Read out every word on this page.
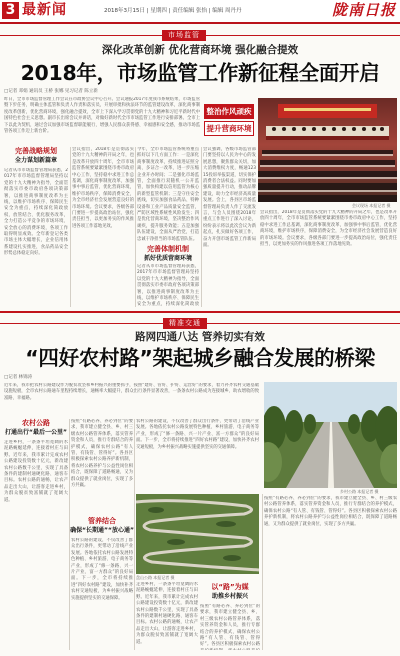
3 最新闻	2018年3月15日 | 星期四 | 责任编辑 张怡 | 编辑 周丹丹	陇南日报
市场监管
深化改革创新 优化营商环境 强化融合提效
2018年，市场监管工作新征程全面开启
□记者 邓娟 通讯员 王桥 张娜 见习记者 陈立新
昨日，全市市场监督管理工作会议在市政协会议中心召开。会议通报2017年度我市系统结果，市场监管暨下步任务，明确主体监管和负责人作责和落实员，开展审批和执法环节的监管建设改革，深化商事制度改革创新，优化营商环境，强化融合提效，全市上下深入学习贯彻党的十九大精神和习近平新时代中国特色社会主义思想。副市长出席会议并讲话，对做好新时代全市市场监管工作进行安排部署。全市上下以此为契机，通过会议加强市场监督职能履行，增强人民群众获得感、幸福感和安全感，推动市场监管各项工作迈上新台阶。
整治作风顽疾
提升营商环境
会议现场 本报记者 摄
完善战略规划
全力谋划新篇章
完善体制机制
抓好优质营商环境
记者从市市场监督管理局获悉，2017年市市场监督管理局坚持以党的十九大精神为指导，全面贯彻落实市委市政府各项决策部署，以推进商事制度改革为主线，以维护市场秩序、保障民生安全为重点，持续深化简政放权、放管结合、优化服务改革，全力打造公平竞争的市场环境、安全放心的消费环境，各项工作取得明显成效。全年新登记各类市场主体大幅增长，企业信用体系建设扎实推进，食品药品安全形势总体稳定向好。
会议指出，2018年是贯彻落实党的十九大精神的开局之年，也是改革开放四十周年，全市市场监管系统要紧紧围绕市委市政府中心工作，坚持稳中求进工作总基调，深化商事制度改革，加强事中事后监管，优化营商环境，维护市场秩序，保障消费安全，为全市经济社会发展营造良好的市场环境。会议要求，各级各部门要进一步提高政治站位，强化责任担当，以更加务实的作风推进各项工作落地见效。
今年，全市市场监管系统将重点抓好以下几方面工作：一是深化商事制度改革，持续推进证照分离、多证合一改革，进一步压缩企业开办时间；二是强化市场监管，全面推行双随机一公开监管，加快构建以信用监管为核心的新型监管机制；三是守住安全底线，切实加强食品药品、特种设备和工业产品质量安全监管，严防区域性系统性风险发生；四是优化营商环境，坚决整治作风顽疾，提升服务效能；五是加强队伍建设，全面从严治党，打造忠诚干净担当的市场监管队伍。
记者从市市场监督管理局获悉，2017年市市场监督管理局坚持以党的十九大精神为指导，全面贯彻落实市委市政府各项决策部署，以推进商事制度改革为主线，以维护市场秩序、保障民生安全为重点，持续深化简政放
会议强调，各级市场监管部门要坚持以人民为中心的发展思想，聚焦群众关切，加大消费维权力度，畅通12315投诉举报渠道，切实保护消费者合法权益。同时要加强质量提升行动，推动品牌建设，助力全市经济高质量发展。会上，各县区市场监督管理局负责人作了交流发言，与会人员围绕2018年重点工作进行了深入讨论，纷纷表示将以此次会议为新起点，扎实做好各项工作，奋力开创市场监管工作新局面。
会议指出，2018年是贯彻落实党的十九大精神的开局之年，也是改革开放四十周年，全市市场监管系统要紧紧围绕市委市政府中心工作，坚持稳中求进工作总基调，深化商事制度改革，加强事中事后监管，优化营商环境，维护市场秩序，保障消费安全，为全市经济社会发展营造良好的市场环境。会议要求，各级各部门要进一步提高政治站位，强化责任担当，以更加务实的作风推进各项工作落地见效。
精准交通
路网四通八达 管养切实有效
“四好农村路”架起城乡融合发展的桥梁
□记者 林锦涛
近年来，我市把农村公路建设作为脱贫攻坚和乡村振兴的重要抓手，按照“建好、管好、护好、运营好”的要求，着力补齐农村交通基础设施短板，全市农村公路通车里程持续增长，通畅率大幅提升，群众出行条件显著改善，一条条农村公路成为连接城乡、助农增收的致富路、幸福路。
乡村公路 本报记者 摄
盘山公路 本报记者 摄
农村公路
打通出行“最后一公里”
管养结合
确保“长期通”“放心通”
以“路”为媒
助推乡村振兴
走进乡村，一条条平坦宽阔的水泥路蜿蜒延伸，连接着村庄与田野。近年来，我市累计完成农村公路建设投资数十亿元，新改建农村公路数千公里，实现了具备条件的建制村通硬化路、通客车目标。农村公路的通畅，让农产品走出大山，让游客走进乡村，为群众脱贫致富铺就了宽阔大道。
按照“有路必养、养必到位”的要求，我市建立健全县、乡、村三级农村公路管养体系，落实管养资金和人员，推行专群结合的养护模式，确保农村公路“有人管、有钱管、管得好”。各县区积极探索农村公路养护新机制，将农村公路养护与公益性岗位相结合，既保障了道路畅通，又为群众提供了就业岗位，实现了多方共赢。
农村公路的建设，不仅改善了群众出行条件，更带动了沿线产业发展。各地依托农村公路发展特色种植、乡村旅游、电子商务等产业，形成了“修一条路、兴一片产业、富一方群众”的良好局面。下一步，全市将持续推进“四好农村路”建设，加快补齐农村交通短板，为乡村振兴战略实施提供坚实的交通保障。
农村公路的建设，不仅改善了群众出行条件，更带动了沿线产业发展。各地依托农村公路发展特色种植、乡村旅游、电子商务等产业，形成了“修一条路、兴一片产业、富一方群众”的良好局面。下一步，全市将持续推进“四好农村路”建设，加快补齐农村交通短板，为乡村振兴战略实施提供坚实的交通保障。
走进乡村，一条条平坦宽阔的水泥路蜿蜒延伸，连接着村庄与田野。近年来，我市累计完成农村公路建设投资数十亿元，新改建农村公路数千公里，实现了具备条件的建制村通硬化路、通客车目标。农村公路的通畅，让农产品走出大山，让游客走进乡村，为群众脱贫致富铺就了宽阔大道。
按照“有路必养、养必到位”的要求，我市建立健全县、乡、村三级农村公路管养体系，落实管养资金和人员，推行专群结合的养护模式，确保农村公路“有人管、有钱管、管得好”。各县区积极探索农村公路
按照“有路必养、养必到位”的要求，我市建立健全县、乡、村三级农村公路管养体系，落实管养资金和人员，推行专群结合的养护模式，确保农村公路“有人管、有钱管、管得好”。各县区积极探索农村公路养护新机制，将农村公路养护与公益性岗位相结合，既保障了道路畅通，又为群众提供了就业岗位，实现了多方共赢。
